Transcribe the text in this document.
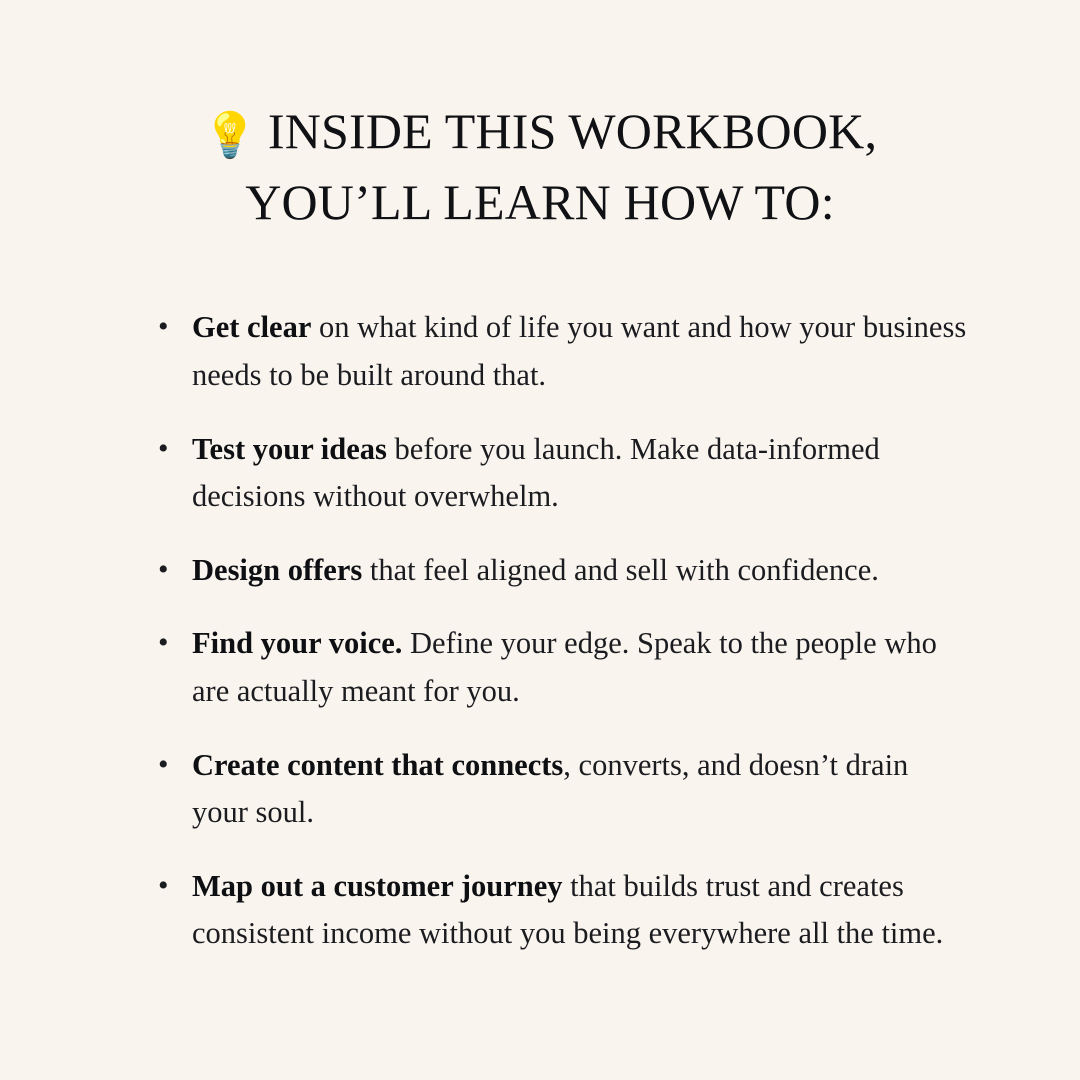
💡 INSIDE THIS WORKBOOK,
YOU’LL LEARN HOW TO:
• Get clear on what kind of life you want and how your business needs to be built around that.
• Test your ideas before you launch. Make data-informed decisions without overwhelm.
• Design offers that feel aligned and sell with confidence.
• Find your voice. Define your edge. Speak to the people who are actually meant for you.
• Create content that connects, converts, and doesn’t drain your soul.
• Map out a customer journey that builds trust and creates consistent income without you being everywhere all the time.
